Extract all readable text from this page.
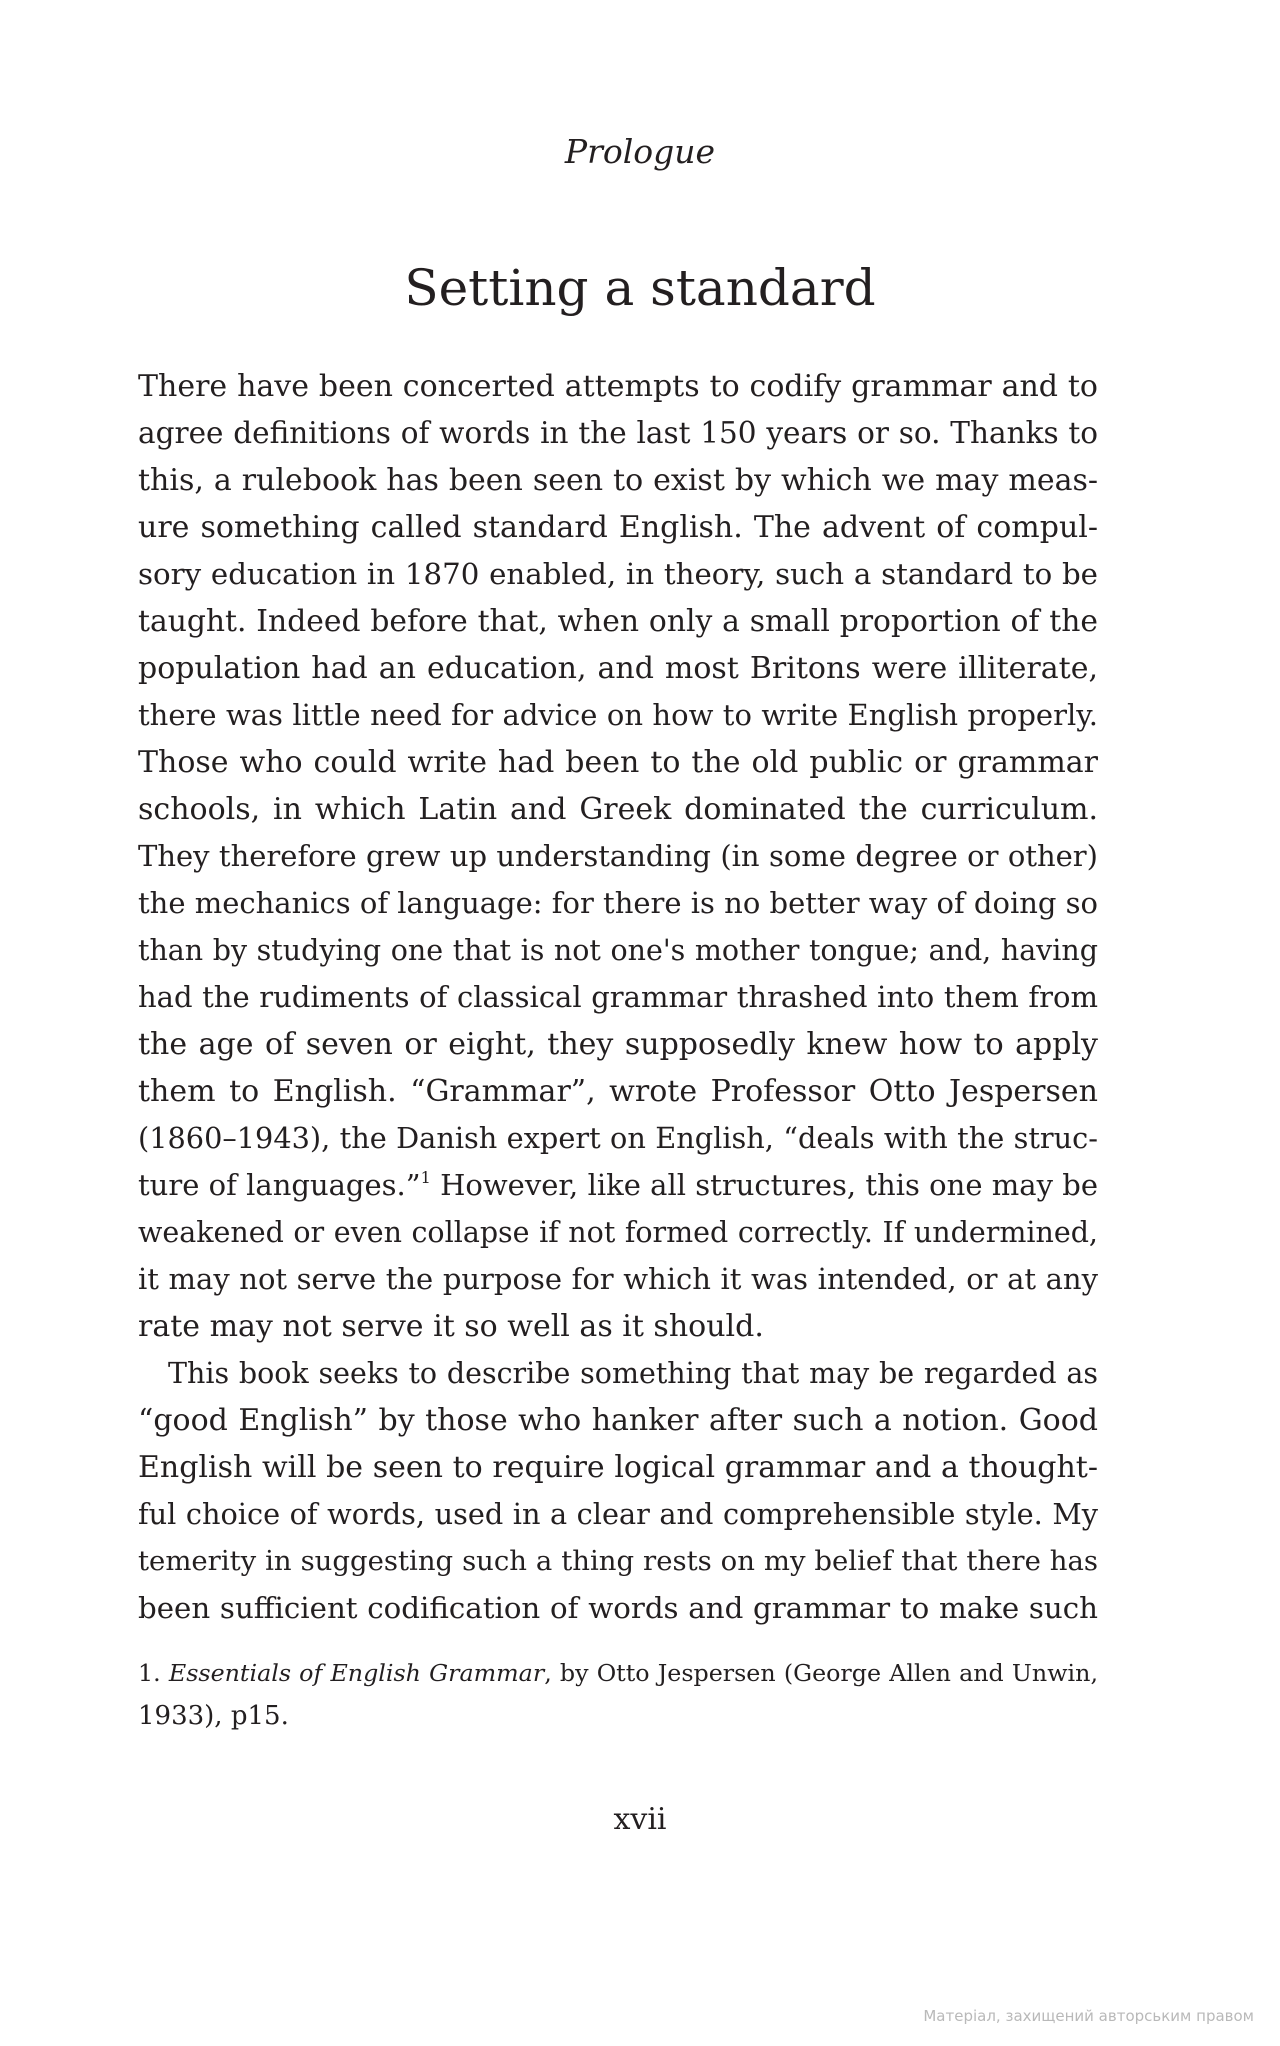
Prologue
Setting a standard
There have been concerted attempts to codify grammar and to
agree definitions of words in the last 150 years or so. Thanks to
this, a rulebook has been seen to exist by which we may meas-
ure something called standard English. The advent of compul-
sory education in 1870 enabled, in theory, such a standard to be
taught. Indeed before that, when only a small proportion of the
population had an education, and most Britons were illiterate,
there was little need for advice on how to write English properly.
Those who could write had been to the old public or grammar
schools, in which Latin and Greek dominated the curriculum.
They therefore grew up understanding (in some degree or other)
the mechanics of language: for there is no better way of doing so
than by studying one that is not one's mother tongue; and, having
had the rudiments of classical grammar thrashed into them from
the age of seven or eight, they supposedly knew how to apply
them to English. “Grammar”, wrote Professor Otto Jespersen
(1860–1943), the Danish expert on English, “deals with the struc-
ture of languages.”$^1$ However, like all structures, this one may be
weakened or even collapse if not formed correctly. If undermined,
it may not serve the purpose for which it was intended, or at any
rate may not serve it so well as it should.
This book seeks to describe something that may be regarded as
“good English” by those who hanker after such a notion. Good
English will be seen to require logical grammar and a thought-
ful choice of words, used in a clear and comprehensible style. My
temerity in suggesting such a thing rests on my belief that there has
been sufficient codification of words and grammar to make such
1. Essentials of English Grammar, by Otto Jespersen (George Allen and Unwin,
1933), p15.
xvii
Матеріал, захищений авторським правом
